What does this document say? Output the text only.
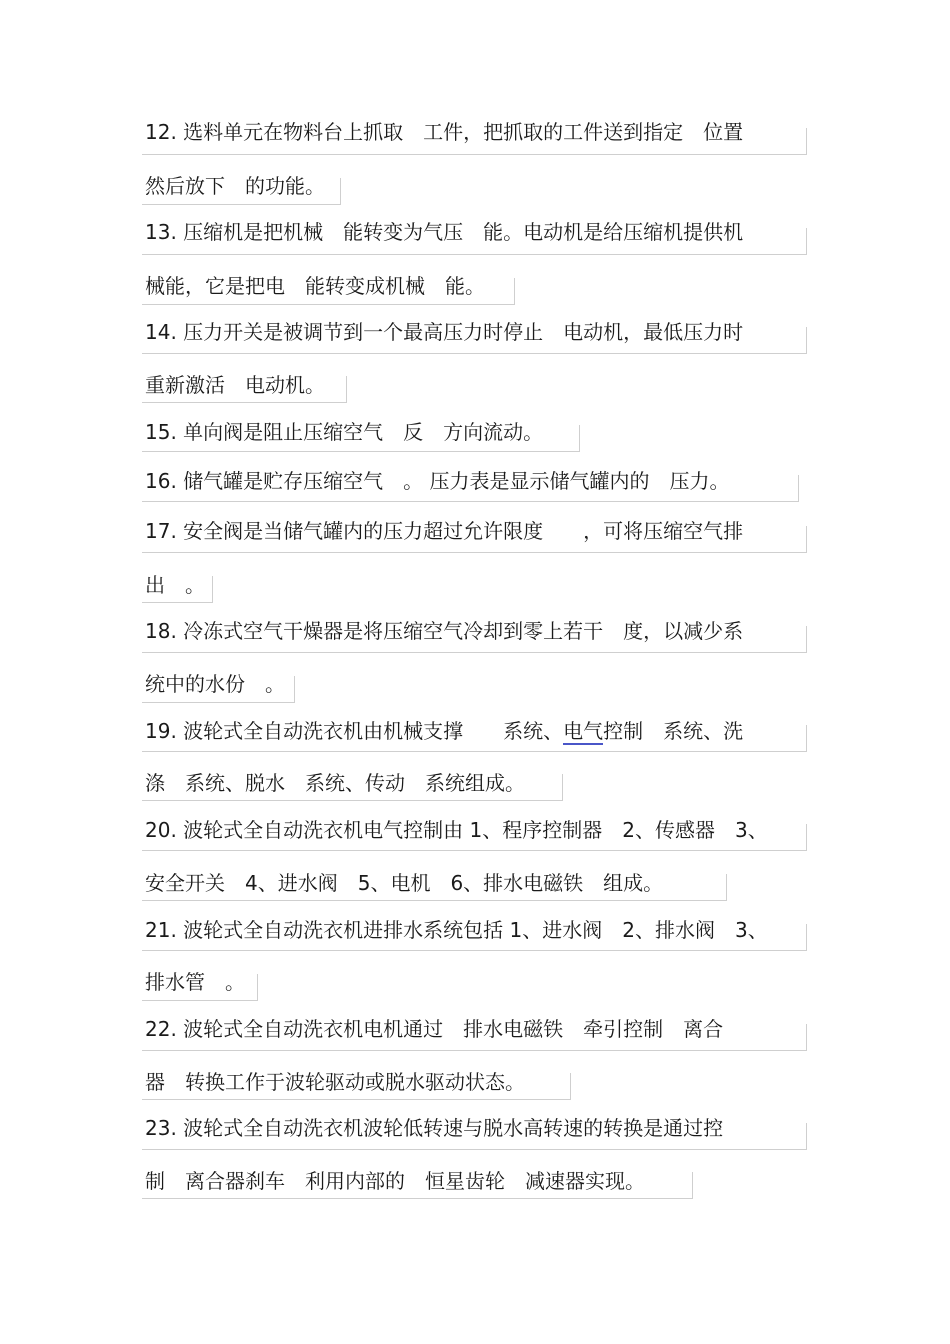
12. 选料单元在物料台上抓取　工件，把抓取的工件送到指定　位置
然后放下　的功能。
13. 压缩机是把机械　能转变为气压　能。电动机是给压缩机提供机
械能，它是把电　能转变成机械　能。
14. 压力开关是被调节到一个最高压力时停止　电动机，最低压力时
重新激活　电动机。
15. 单向阀是阻止压缩空气　反　方向流动。
16. 储气罐是贮存压缩空气　。 压力表是显示储气罐内的　压力。
17. 安全阀是当储气罐内的压力超过允许限度　　，可将压缩空气排
出　。
18. 冷冻式空气干燥器是将压缩空气冷却到零上若干　度，以减少系
统中的水份　。
19. 波轮式全自动洗衣机由机械支撑　　系统、电气控制　系统、洗
涤　系统、脱水　系统、传动　系统组成。
20. 波轮式全自动洗衣机电气控制由 1、程序控制器　2、传感器　3、
安全开关　4、进水阀　5、电机　6、排水电磁铁　组成。
21. 波轮式全自动洗衣机进排水系统包括 1、进水阀　2、排水阀　3、
排水管　。
22. 波轮式全自动洗衣机电机通过　排水电磁铁　牵引控制　离合
器　转换工作于波轮驱动或脱水驱动状态。
23. 波轮式全自动洗衣机波轮低转速与脱水高转速的转换是通过控
制　离合器刹车　利用内部的　恒星齿轮　减速器实现。
